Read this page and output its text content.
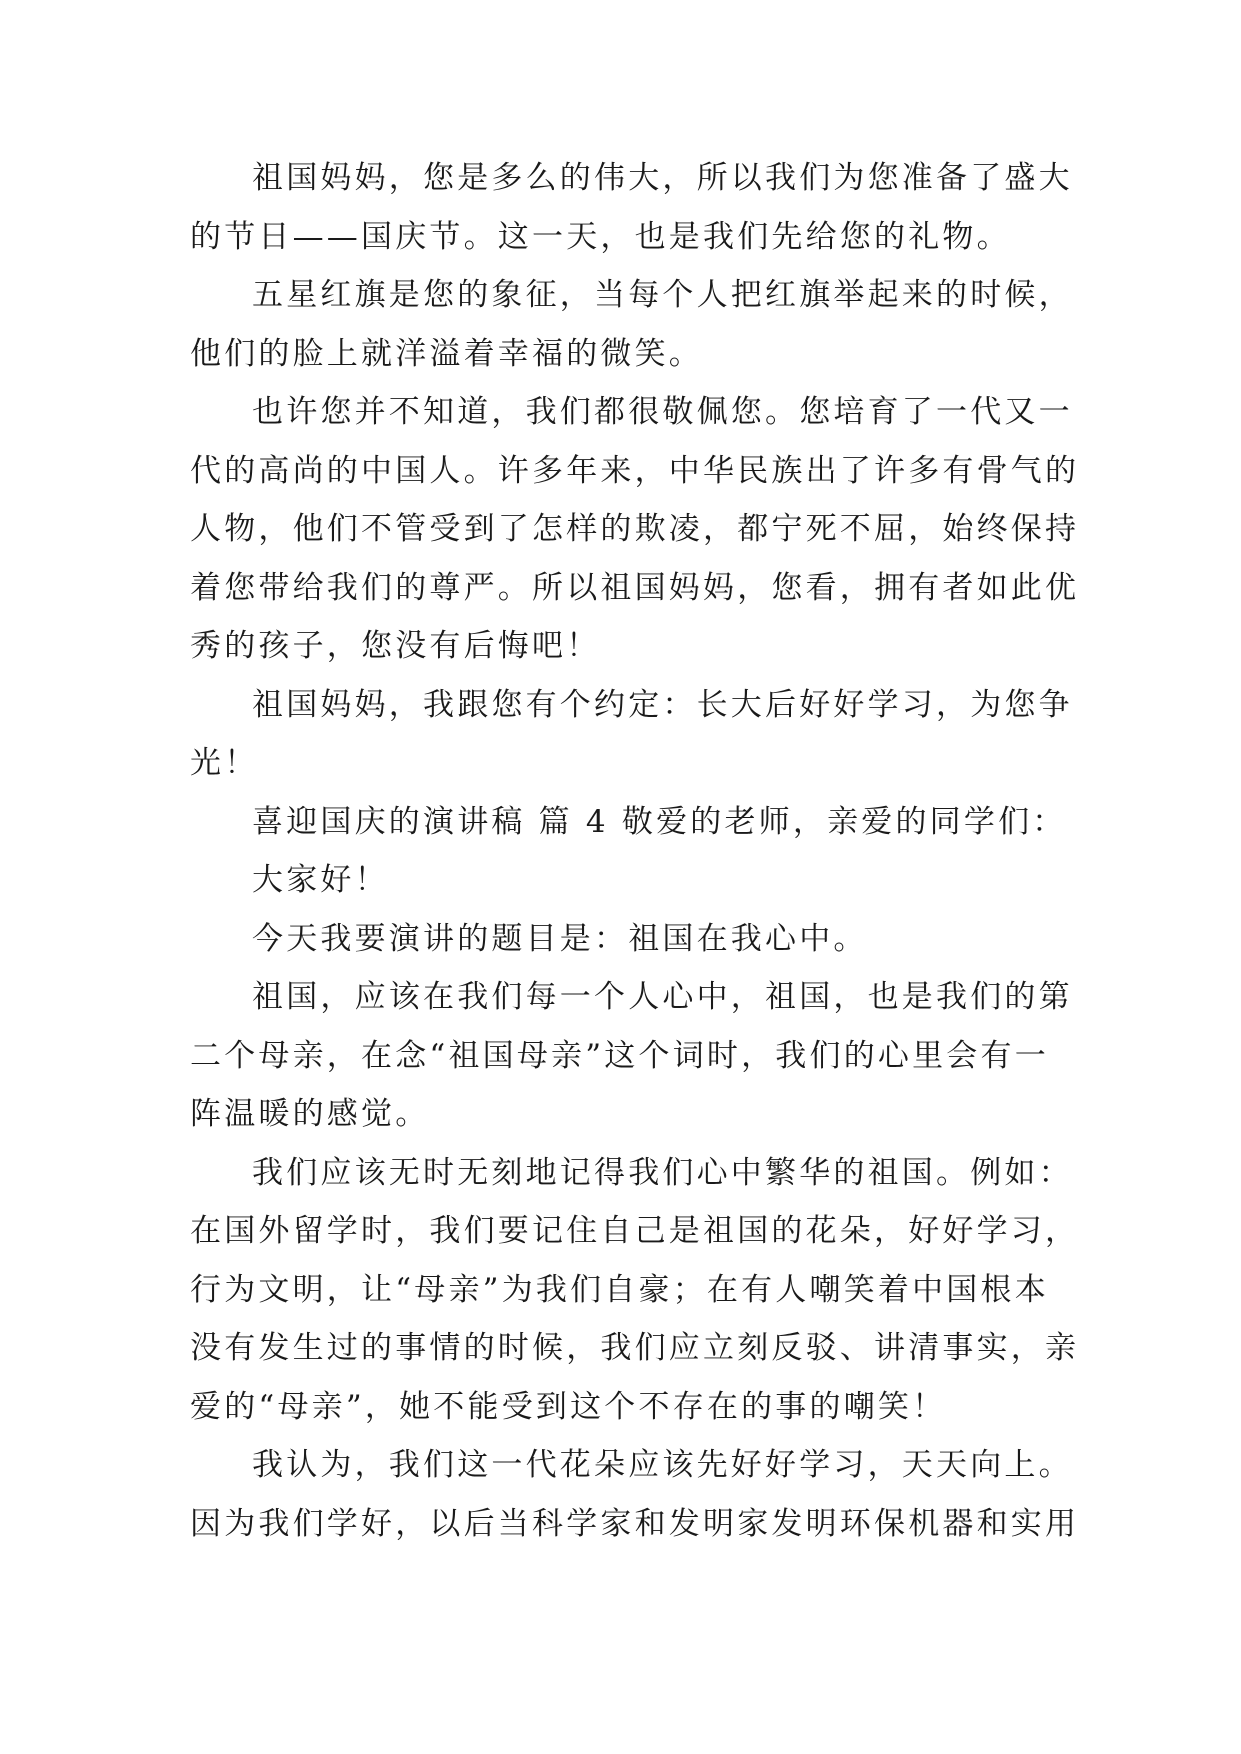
祖国妈妈，您是多么的伟大，所以我们为您准备了盛大
的节日——国庆节。这一天，也是我们先给您的礼物。
五星红旗是您的象征，当每个人把红旗举起来的时候，
他们的脸上就洋溢着幸福的微笑。
也许您并不知道，我们都很敬佩您。您培育了一代又一
代的高尚的中国人。许多年来，中华民族出了许多有骨气的
人物，他们不管受到了怎样的欺凌，都宁死不屈，始终保持
着您带给我们的尊严。所以祖国妈妈，您看，拥有者如此优
秀的孩子，您没有后悔吧！
祖国妈妈，我跟您有个约定：长大后好好学习，为您争
光！
喜迎国庆的演讲稿 篇 4 敬爱的老师，亲爱的同学们：
大家好！
今天我要演讲的题目是：祖国在我心中。
祖国，应该在我们每一个人心中，祖国，也是我们的第
二个母亲，在念“祖国母亲”这个词时，我们的心里会有一
阵温暖的感觉。
我们应该无时无刻地记得我们心中繁华的祖国。例如：
在国外留学时，我们要记住自己是祖国的花朵，好好学习，
行为文明，让“母亲”为我们自豪；在有人嘲笑着中国根本
没有发生过的事情的时候，我们应立刻反驳、讲清事实，亲
爱的“母亲”，她不能受到这个不存在的事的嘲笑！
我认为，我们这一代花朵应该先好好学习，天天向上。
因为我们学好，以后当科学家和发明家发明环保机器和实用
